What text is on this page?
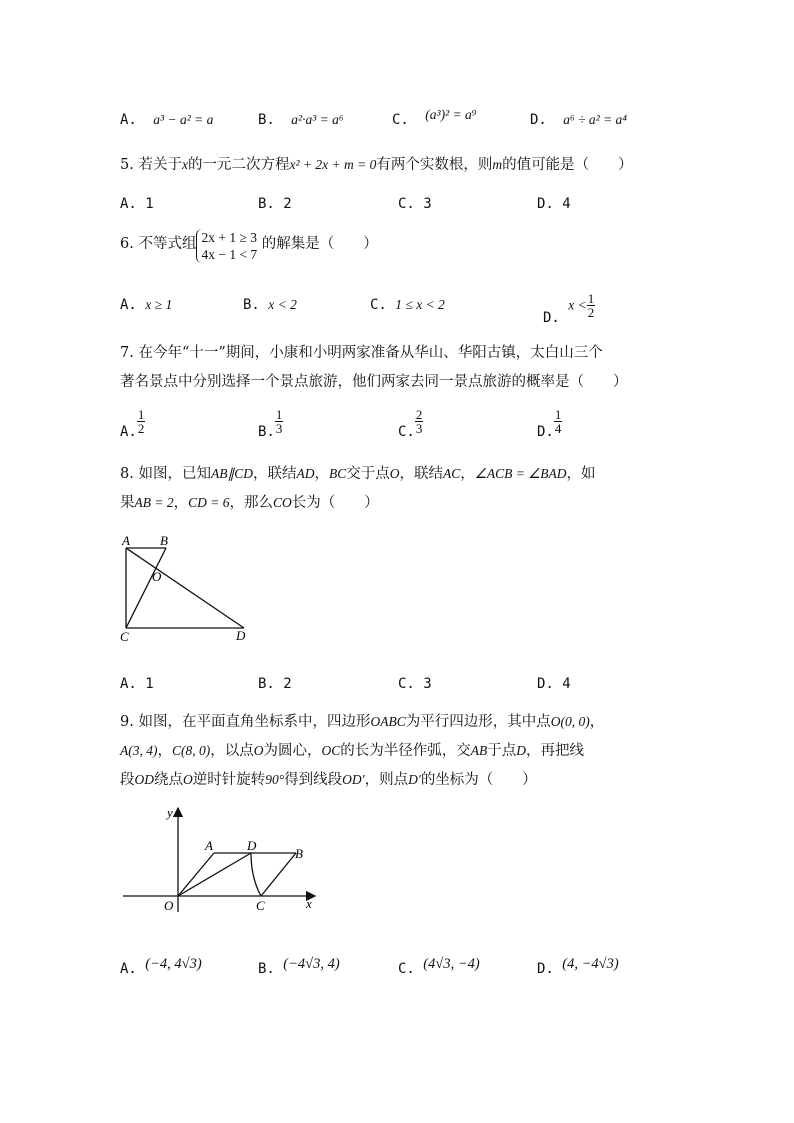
A. a³ − a² = a	B. a²·a³ = a⁶	C. (a³)² = a⁹	D. a⁶ ÷ a² = a⁴
5. 若关于x的一元二次方程x² + 2x + m = 0有两个实数根，则m的值可能是（　　）
A. 1	B. 2	C. 3	D. 4
6. 不等式组 2x + 1 ≥ 3
4x − 1 < 7
的解集是（　　）
A. x ≥ 1	B. x < 2	C. 1 ≤ x < 2
D. $x < \frac{1}{2}$
7. 在今年“十一”期间，小康和小明两家准备从华山、华阳古镇，太白山三个
著名景点中分别选择一个景点旅游，他们两家去同一景点旅游的概率是（　　）
A. $\frac{1}{2}$	B. $\frac{1}{3}$	C. $\frac{2}{3}$	D. $\frac{1}{4}$
8. 如图，已知AB∥CD，联结AD，BC交于点O，联结AC，∠ACB = ∠BAD，如
果AB = 2，CD = 6，那么CO长为（　　）
A B
O
C	D
A. 1	B. 2	C. 3	D. 4
9. 如图，在平面直角坐标系中，四边形OABC为平行四边形，其中点O(0, 0)，
A(3, 4)，C(8, 0)，以点O为圆心，OC的长为半径作弧，交AB于点D，再把线
段OD绕点O逆时针旋转90°得到线段OD′，则点D′的坐标为（　　）
y
x
A	D
B
O	C
A. (−4, 4√3)	B. (−4√3, 4)	C. (4√3, −4)	D. (4, −4√3)
